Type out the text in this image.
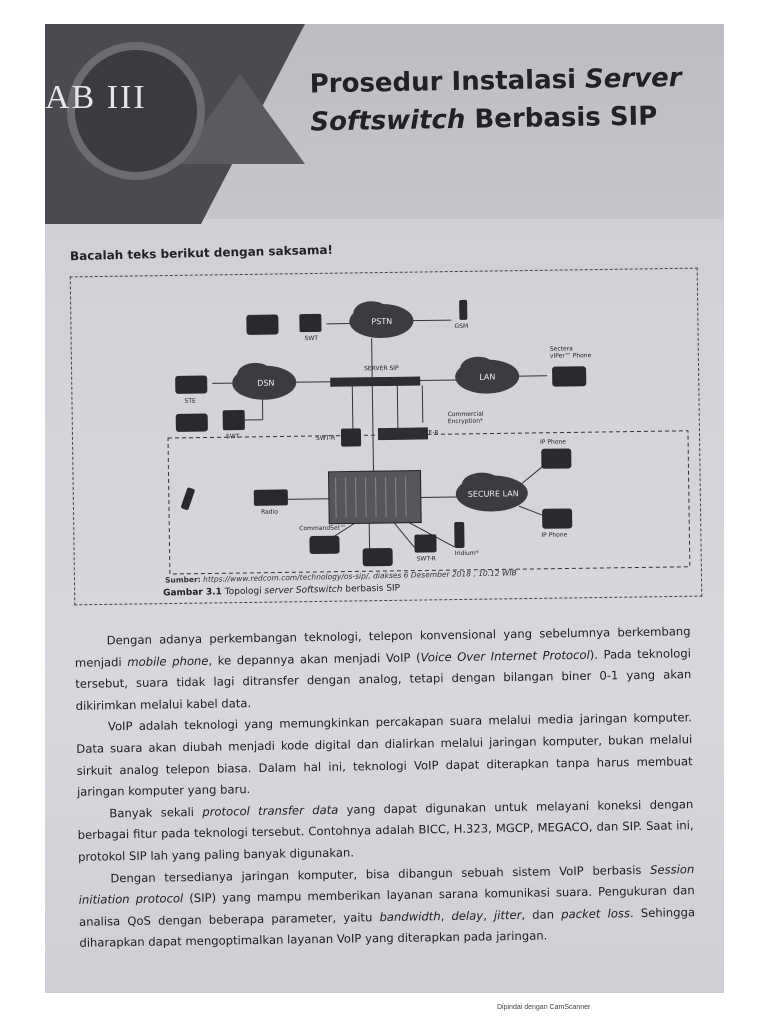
AB III	Prosedur Instalasi Server
Softswitch Berbasis SIP
Bacalah teks berikut dengan saksama!
PSTN
DSN
LAN
SECURE LAN
SERVER SIP
STE-R
Commercial
Encryption*
SWT
GSM
Sectera
vIPer™ Phone
STE
SWT	SWT-R
IP Phone
IP Phone
Radio
CommandSet™
SWT-R
Iridium*
Sumber: https://www.redcom.com/technology/os-sip/, diakses 6 Desember 2018 , 10.12 WIB
Gambar 3.1 Topologi server Softswitch berbasis SIP

Dengan adanya perkembangan teknologi, telepon konvensional yang sebelumnya berkembang menjadi mobile phone, ke depannya akan menjadi VoIP (Voice Over Internet Protocol). Pada teknologi tersebut, suara tidak lagi ditransfer dengan analog, tetapi dengan bilangan biner 0-1 yang akan dikirimkan melalui kabel data.

VoIP adalah teknologi yang memungkinkan percakapan suara melalui media jaringan komputer. Data suara akan diubah menjadi kode digital dan dialirkan melalui jaringan komputer, bukan melalui sirkuit analog telepon biasa. Dalam hal ini, teknologi VoIP dapat diterapkan tanpa harus membuat jaringan komputer yang baru.

Banyak sekali protocol transfer data yang dapat digunakan untuk melayani koneksi dengan berbagai fitur pada teknologi tersebut. Contohnya adalah BICC, H.323, MGCP, MEGACO, dan SIP. Saat ini, protokol SIP lah yang paling banyak digunakan.

Dengan tersedianya jaringan komputer, bisa dibangun sebuah sistem VoIP berbasis Session initiation protocol (SIP) yang mampu memberikan layanan sarana komunikasi suara. Pengukuran dan analisa QoS dengan beberapa parameter, yaitu bandwidth, delay, jitter, dan packet loss. Sehingga diharapkan dapat mengoptimalkan layanan VoIP yang diterapkan pada jaringan.

Dipindai dengan CamScanner
